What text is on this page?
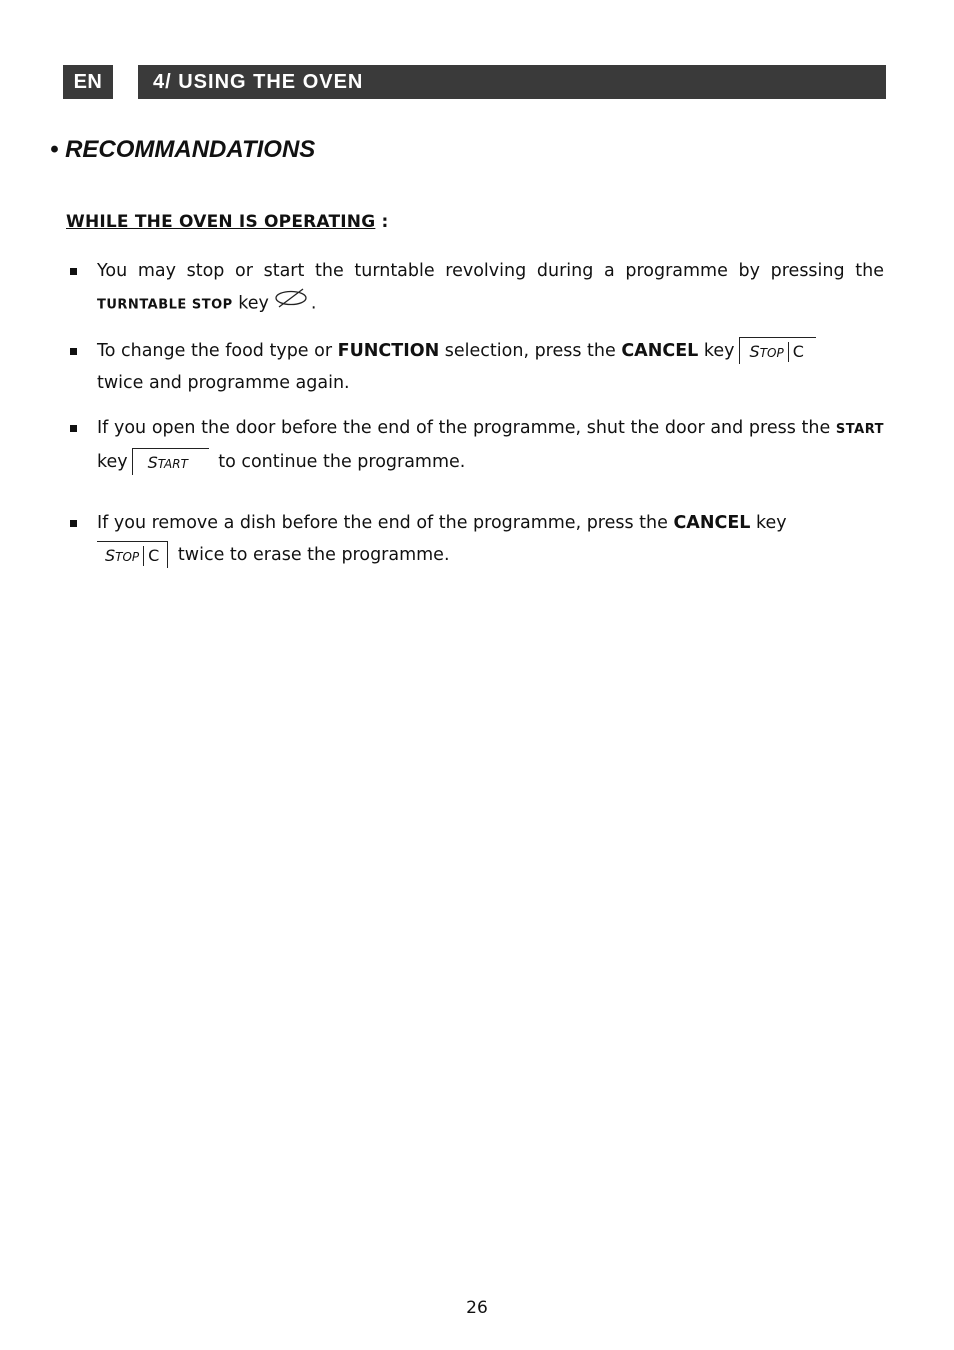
EN	4/ USING THE OVEN
• RECOMMANDATIONS

WHILE THE OVEN IS OPERATING :

You may stop or start the turntable revolving during a programme by pressing the TURNTABLE STOP key .
To change the food type or FUNCTION selection, press the CANCEL key STOP C
twice and programme again.
If you open the door before the end of the programme, shut the door and press the START key START to continue the programme.
If you remove a dish before the end of the programme, press the CANCEL key
STOP C twice to erase the programme.
26
